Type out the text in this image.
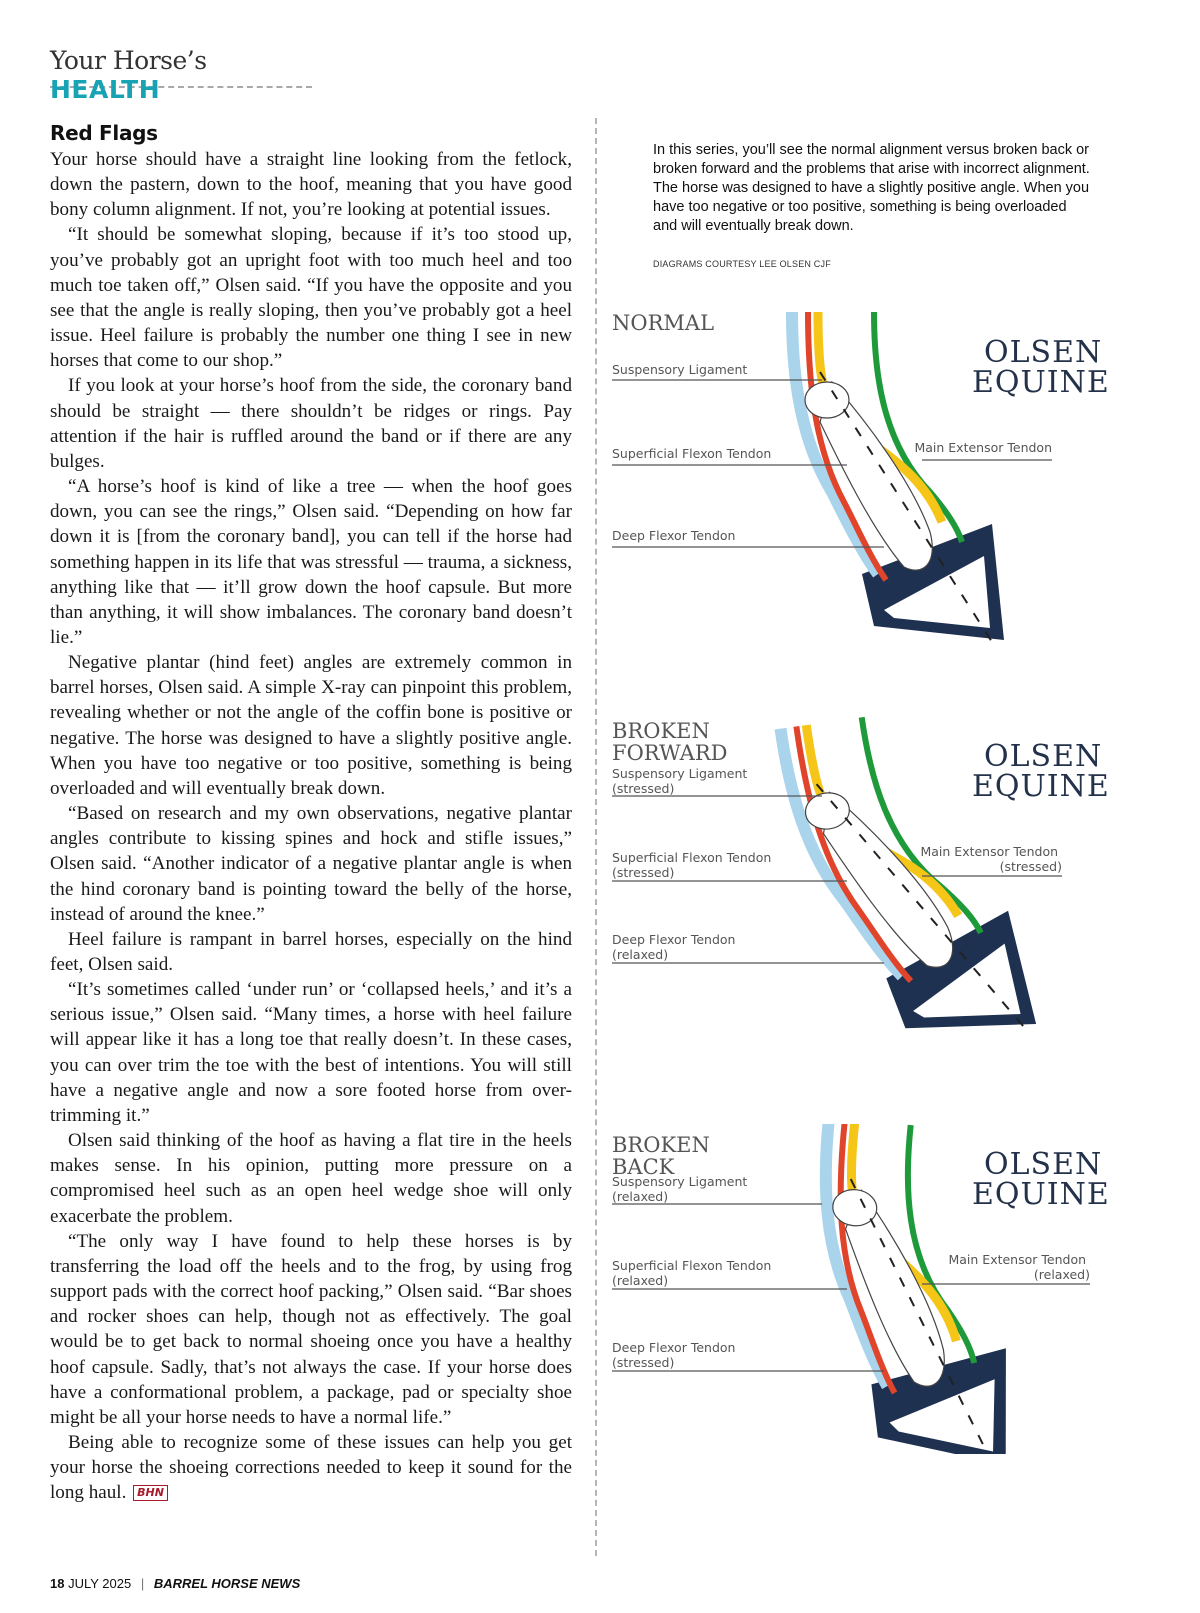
Your Horse’s HEALTH
Red Flags

Your horse should have a straight line looking from the fetlock, down the pastern, down to the hoof, meaning that you have good bony column alignment. If not, you’re looking at potential issues.

“It should be somewhat sloping, because if it’s too stood up, you’ve probably got an upright foot with too much heel and too much toe taken off,” Olsen said. “If you have the opposite and you see that the angle is really sloping, then you’ve probably got a heel issue. Heel failure is probably the number one thing I see in new horses that come to our shop.”

If you look at your horse’s hoof from the side, the coronary band should be straight — there shouldn’t be ridges or rings. Pay attention if the hair is ruffled around the band or if there are any bulges.

“A horse’s hoof is kind of like a tree — when the hoof goes down, you can see the rings,” Olsen said. “Depending on how far down it is [from the coronary band], you can tell if the horse had something happen in its life that was stressful — trauma, a sickness, anything like that — it’ll grow down the hoof capsule. But more than anything, it will show imbalances. The coronary band doesn’t lie.”

Negative plantar (hind feet) angles are extremely common in barrel horses, Olsen said. A simple X-ray can pinpoint this problem, revealing whether or not the angle of the coffin bone is positive or negative. The horse was designed to have a slightly positive angle. When you have too negative or too positive, something is being overloaded and will eventually break down.

“Based on research and my own observations, negative plantar angles contribute to kissing spines and hock and stifle issues,” Olsen said. “Another indicator of a negative plantar angle is when the hind coronary band is pointing toward the belly of the horse, instead of around the knee.”

Heel failure is rampant in barrel horses, especially on the hind feet, Olsen said.

“It’s sometimes called ‘under run’ or ‘collapsed heels,’ and it’s a serious issue,” Olsen said. “Many times, a horse with heel failure will appear like it has a long toe that really doesn’t. In these cases, you can over trim the toe with the best of intentions. You will still have a negative angle and now a sore footed horse from over-trimming it.”

Olsen said thinking of the hoof as having a flat tire in the heels makes sense. In his opinion, putting more pressure on a compromised heel such as an open heel wedge shoe will only exacerbate the problem.

“The only way I have found to help these horses is by transferring the load off the heels and to the frog, by using frog support pads with the correct hoof packing,” Olsen said. “Bar shoes and rocker shoes can help, though not as effectively. The goal would be to get back to normal shoeing once you have a healthy hoof capsule. Sadly, that’s not always the case. If your horse does have a conformational problem, a package, pad or specialty shoe might be all your horse needs to have a normal life.”

Being able to recognize some of these issues can help you get your horse the shoeing corrections needed to keep it sound for the long haul. BHN

In this series, you’ll see the normal alignment versus broken back or broken forward and the problems that arise with incorrect alignment. The horse was designed to have a slightly positive angle. When you have too negative or too positive, something is being overloaded and will eventually break down.
DIAGRAMS COURTESY LEE OLSEN CJF
NORMAL
OLSEN
EQUINE
Suspensory Ligament
Superficial Flexon Tendon
Deep Flexor Tendon
Main Extensor Tendon
BROKEN FORWARD	OLSEN
EQUINE
Suspensory Ligament (stressed)
Superficial Flexon Tendon (stressed)
Deep Flexor Tendon (relaxed)
Main Extensor Tendon (stressed)
BROKEN BACK	OLSEN
EQUINE
Suspensory Ligament (relaxed)
Superficial Flexon Tendon (relaxed)
Deep Flexor Tendon (stressed)
Main Extensor Tendon (relaxed)
18 JULY 2025 | BARREL HORSE NEWS
